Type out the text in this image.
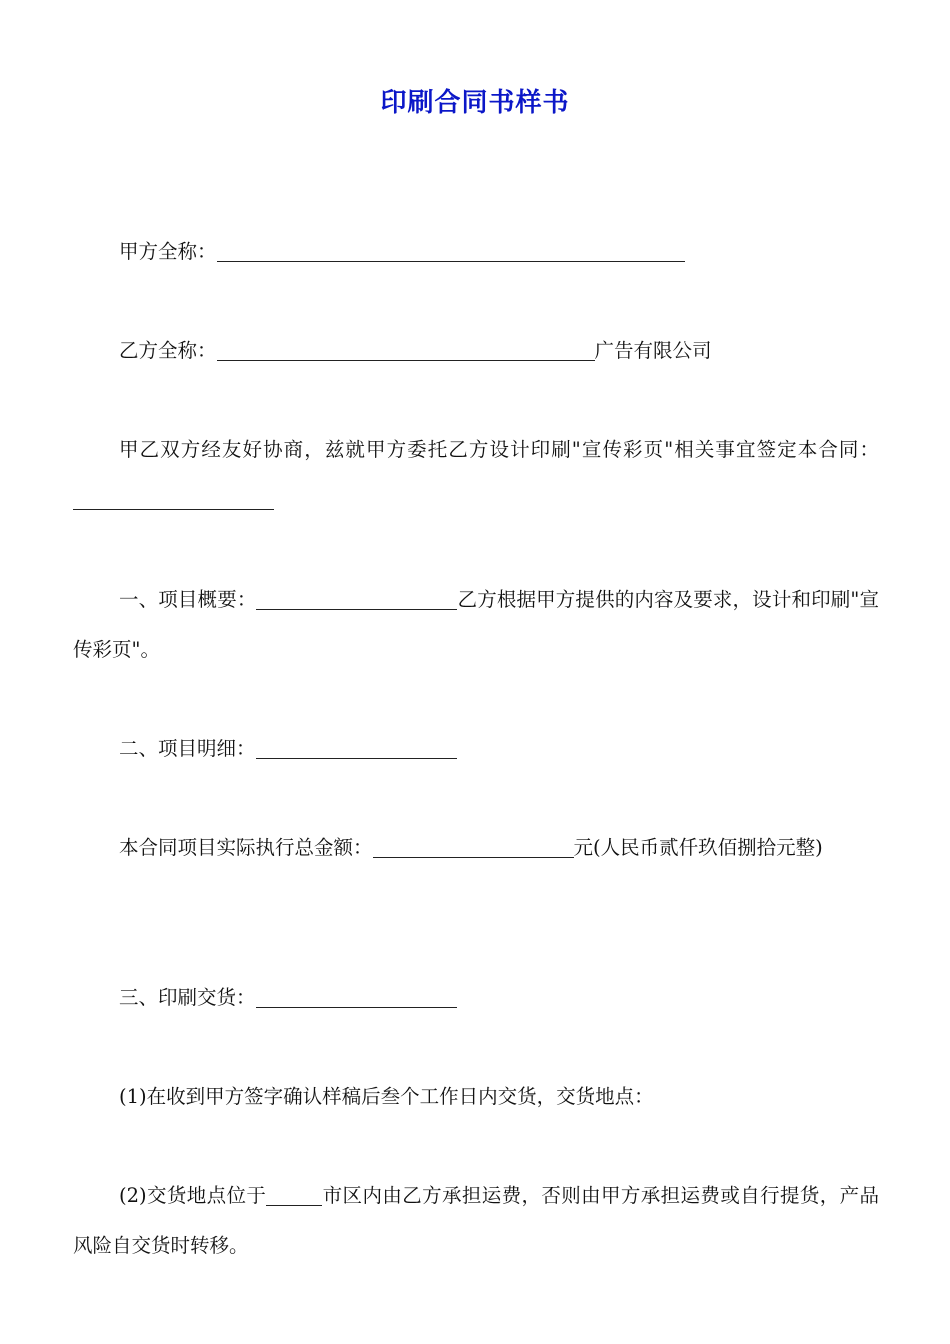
印刷合同书样书
甲方全称：
乙方全称：	广告有限公司
甲乙双方经友好协商，兹就甲方委托乙方设计印刷"宣传彩页"相关事宜签定本合同：
一、项目概要：	乙方根据甲方提供的内容及要求，设计和印刷"宣传彩页"。
二、项目明细：
本合同项目实际执行总金额：	元(人民币贰仟玖佰捌拾元整)
三、印刷交货：
(1)在收到甲方签字确认样稿后叁个工作日内交货，交货地点：
(2)交货地点位于	市区内由乙方承担运费，否则由甲方承担运费或自行提货，产品风险自交货时转移。
